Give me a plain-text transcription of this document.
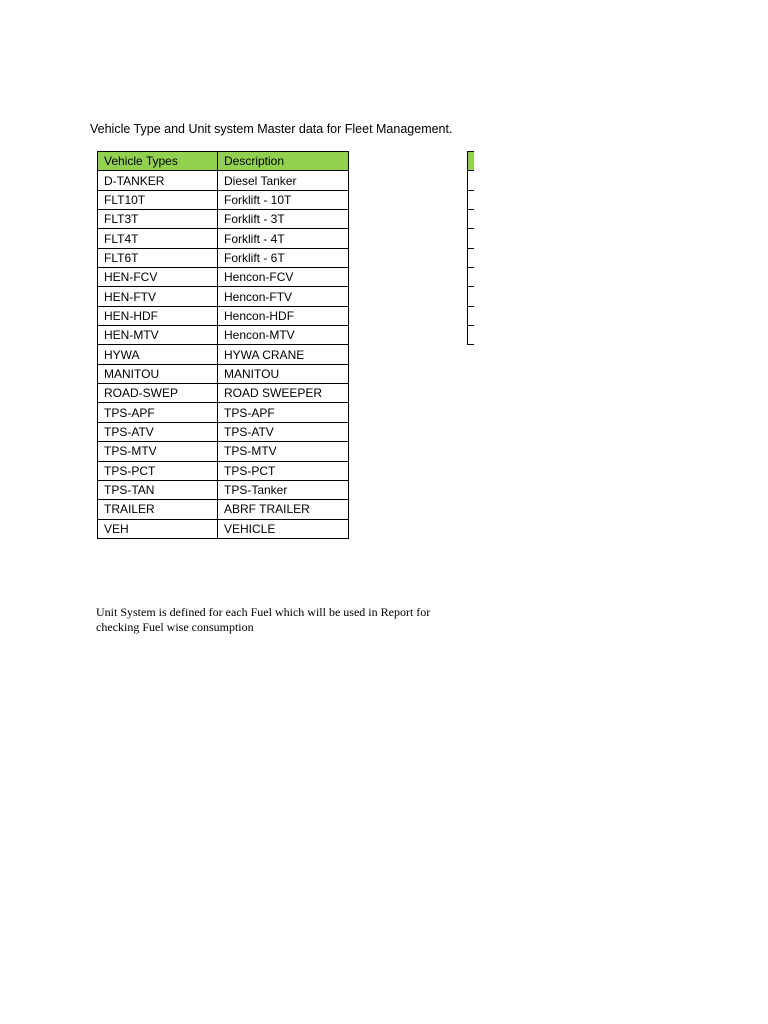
Vehicle Type and Unit system Master data for Fleet Management.
Vehicle Types	Description
D-TANKER	Diesel Tanker
FLT10T	Forklift - 10T
FLT3T	Forklift - 3T
FLT4T	Forklift - 4T
FLT6T	Forklift - 6T
HEN-FCV	Hencon-FCV
HEN-FTV	Hencon-FTV
HEN-HDF	Hencon-HDF
HEN-MTV	Hencon-MTV
HYWA	HYWA CRANE
MANITOU	MANITOU
ROAD-SWEP	ROAD SWEEPER
TPS-APF	TPS-APF
TPS-ATV	TPS-ATV
TPS-MTV	TPS-MTV
TPS-PCT	TPS-PCT
TPS-TAN	TPS-Tanker
TRAILER	ABRF TRAILER
VEH	VEHICLE

Unit System is defined for each Fuel which will be used in Report for checking Fuel wise consumption
